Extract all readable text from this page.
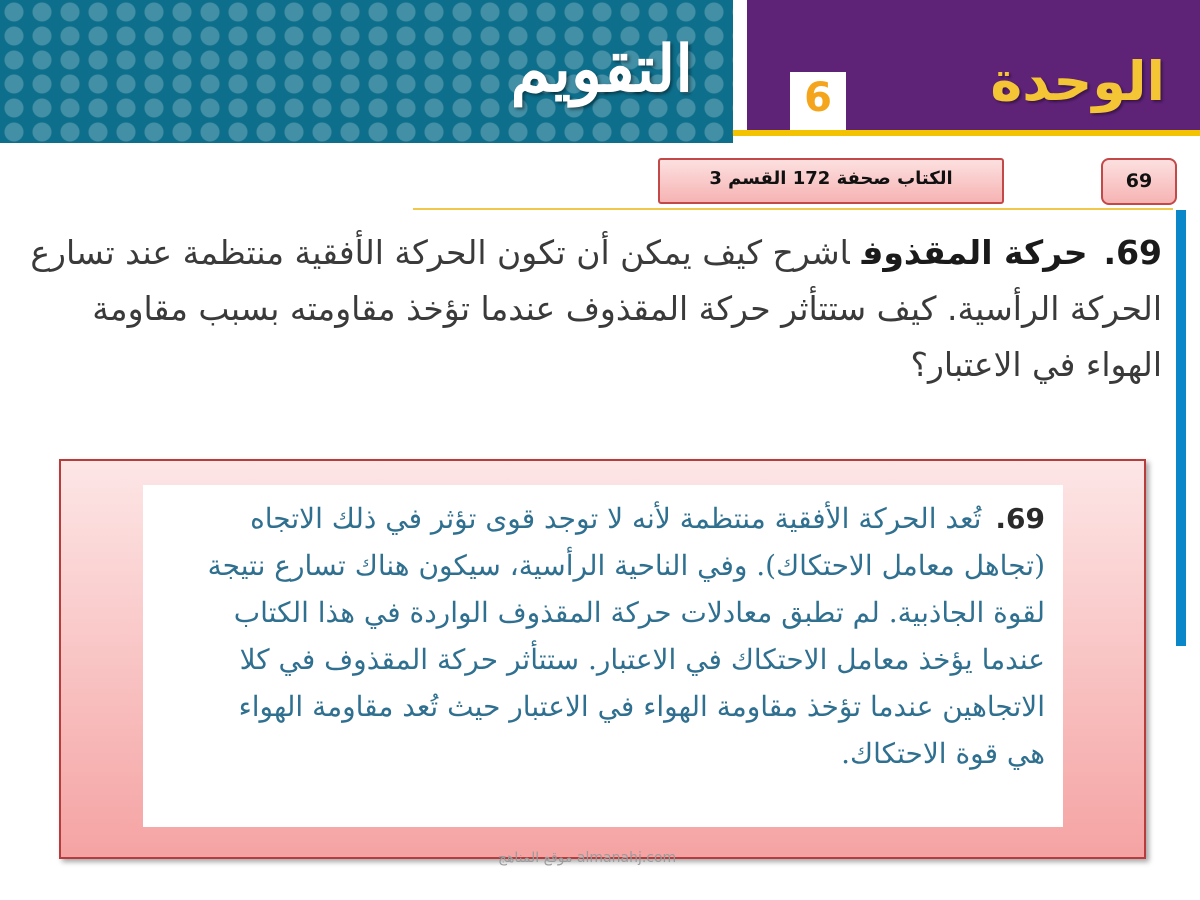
التقويم	الوحدة
6
الكتاب صحفة 172 القسم 3	69
69.حركة المقذوفاشرح كيف يمكن أن تكون الحركة الأفقية منتظمة عند تسارع الحركة الرأسية. كيف ستتأثر حركة المقذوف عندما تؤخذ مقاومته بسبب مقاومة الهواء في الاعتبار؟
69.تُعد الحركة الأفقية منتظمة لأنه لا توجد قوى تؤثر في ذلك الاتجاه (تجاهل معامل الاحتكاك). وفي الناحية الرأسية، سيكون هناك تسارع نتيجة لقوة الجاذبية. لم تطبق معادلات حركة المقذوف الواردة في هذا الكتاب عندما يؤخذ معامل الاحتكاك في الاعتبار. ستتأثر حركة المقذوف في كلا الاتجاهين عندما تؤخذ مقاومة الهواء في الاعتبار حيث تُعد مقاومة الهواء هي قوة الاحتكاك.
موقع المناهج almanahj.com
